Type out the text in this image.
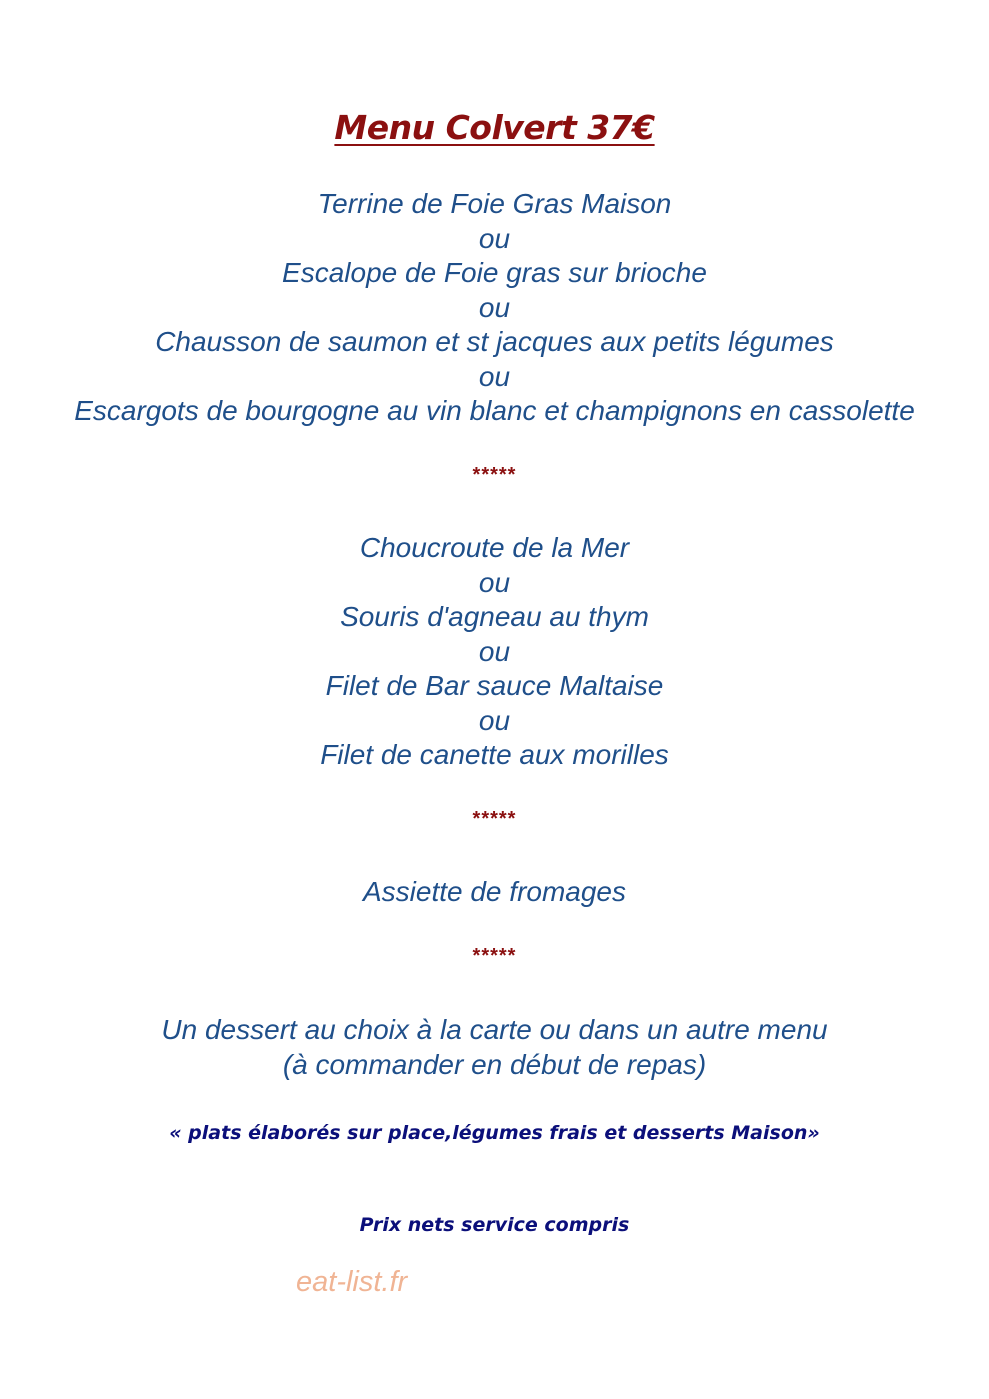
Menu Colvert 37€
Terrine de Foie Gras Maison
ou
Escalope de Foie gras sur brioche
ou
Chausson de saumon et st jacques aux petits légumes
ou
Escargots de bourgogne au vin blanc et champignons en cassolette
*****
Choucroute de la Mer
ou
Souris d'agneau au thym
ou
Filet de Bar sauce Maltaise
ou
Filet de canette aux morilles
*****
Assiette de fromages
*****
Un dessert au choix à la carte ou dans un autre menu
(à commander en début de repas)
« plats élaborés sur place,légumes frais et desserts Maison»
Prix nets service compris
eat-list.fr
